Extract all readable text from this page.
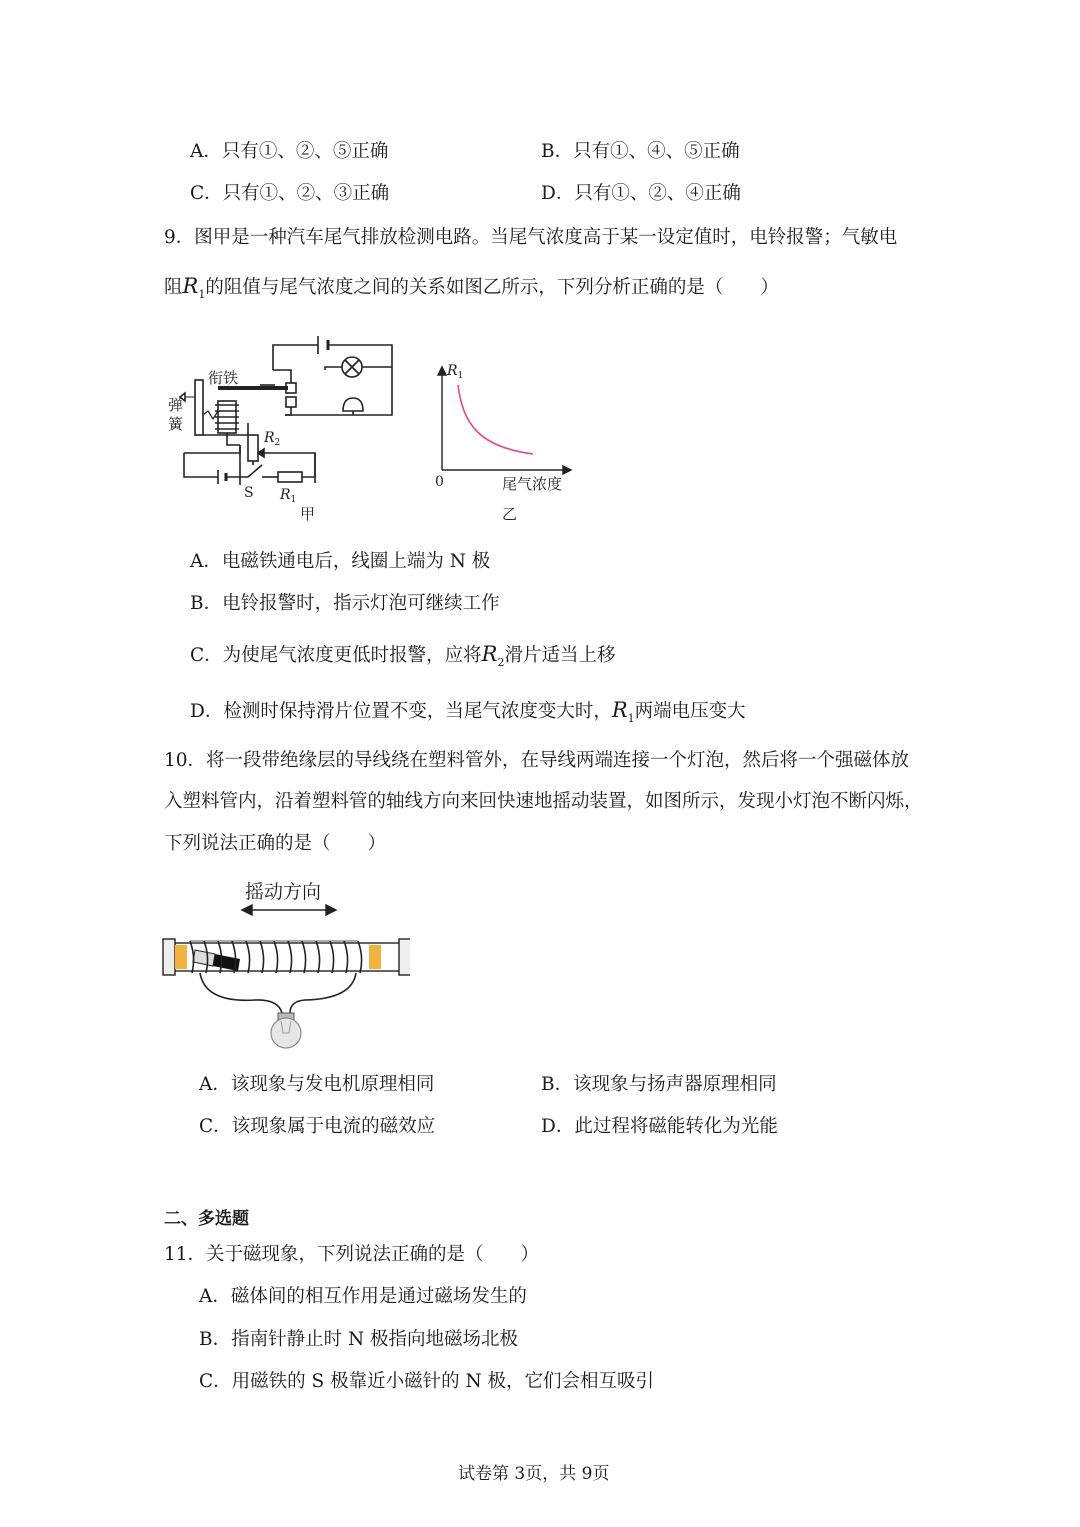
A．只有①、②、⑤正确	B．只有①、④、⑤正确
C．只有①、②、③正确	D．只有①、②、④正确
9．图甲是一种汽车尾气排放检测电路。当尾气浓度高于某一设定值时，电铃报警；气敏电
阻$R_1$的阻值与尾气浓度之间的关系如图乙所示，下列分析正确的是（　　）
衔铁
弹
簧
$R_2$
S $R_1$
甲
$R_1$
0	尾气浓度
乙
A．电磁铁通电后，线圈上端为 N 极
B．电铃报警时，指示灯泡可继续工作
C．为使尾气浓度更低时报警，应将$R_2$滑片适当上移
D．检测时保持滑片位置不变，当尾气浓度变大时，$R_1$两端电压变大
10．将一段带绝缘层的导线绕在塑料管外，在导线两端连接一个灯泡，然后将一个强磁体放
入塑料管内，沿着塑料管的轴线方向来回快速地摇动装置，如图所示，发现小灯泡不断闪烁，
下列说法正确的是（　　）
摇动方向
A．该现象与发电机原理相同	B．该现象与扬声器原理相同
C．该现象属于电流的磁效应	D．此过程将磁能转化为光能
二、多选题
11．关于磁现象，下列说法正确的是（　　）
A．磁体间的相互作用是通过磁场发生的
B．指南针静止时 N 极指向地磁场北极
C．用磁铁的 S 极靠近小磁针的 N 极，它们会相互吸引
试卷第 3页，共 9页
